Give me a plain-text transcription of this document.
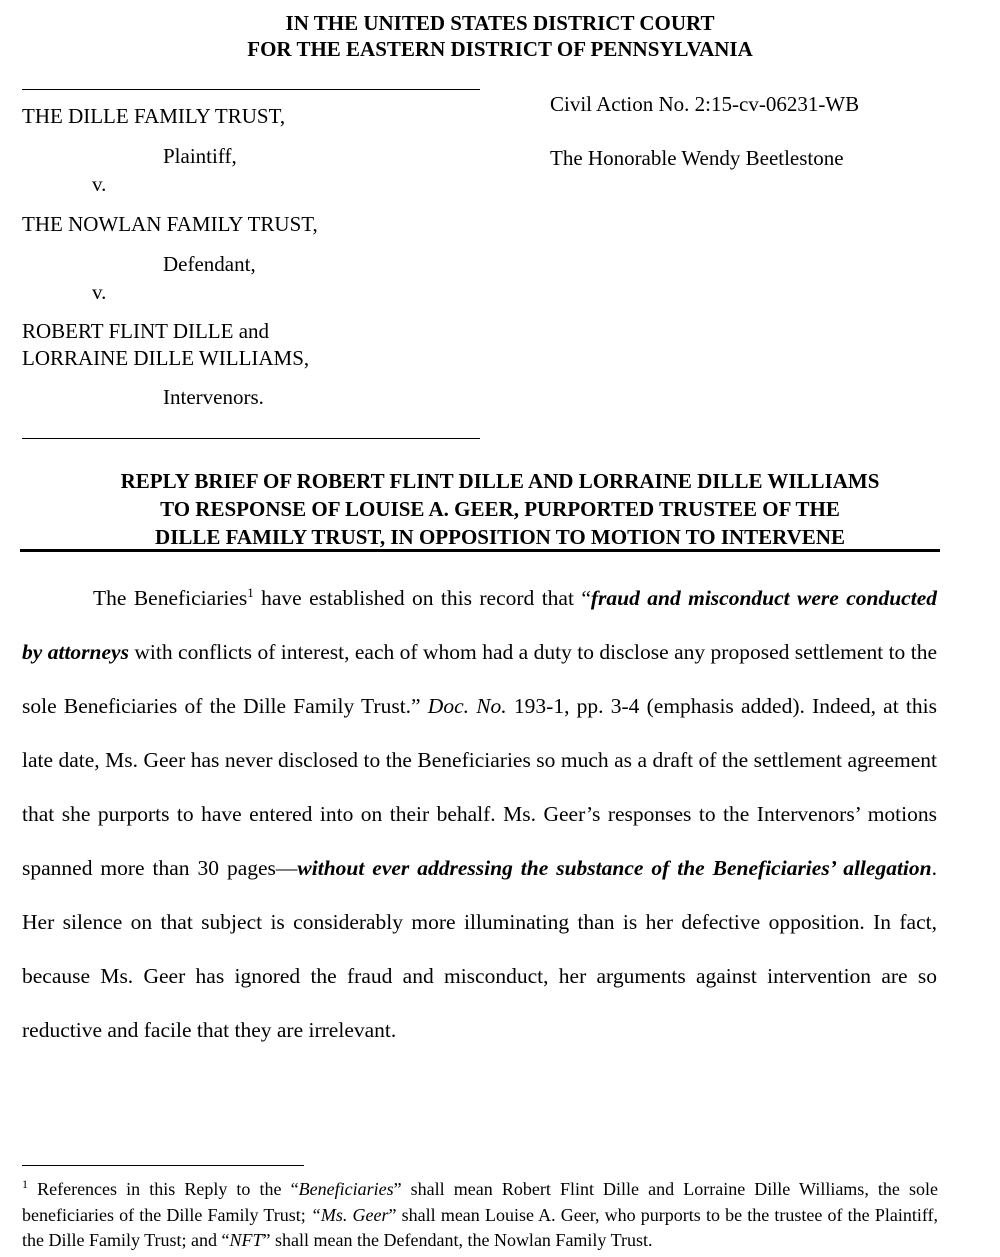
IN THE UNITED STATES DISTRICT COURT
FOR THE EASTERN DISTRICT OF PENNSYLVANIA
THE DILLE FAMILY TRUST,
Plaintiff,
v.
THE NOWLAN FAMILY TRUST,
Defendant,
v.
ROBERT FLINT DILLE and
LORRAINE DILLE WILLIAMS,
Intervenors.
Civil Action No. 2:15-cv-06231-WB
The Honorable Wendy Beetlestone
REPLY BRIEF OF ROBERT FLINT DILLE AND LORRAINE DILLE WILLIAMS
TO RESPONSE OF LOUISE A. GEER, PURPORTED TRUSTEE OF THE
DILLE FAMILY TRUST, IN OPPOSITION TO MOTION TO INTERVENE
The Beneficiaries$^1$ have established on this record that “fraud and misconduct were conducted by attorneys with conflicts of interest, each of whom had a duty to disclose any proposed settlement to the sole Beneficiaries of the Dille Family Trust.” Doc. No. 193-1, pp. 3-4 (emphasis added). Indeed, at this late date, Ms. Geer has never disclosed to the Beneficiaries so much as a draft of the settlement agreement that she purports to have entered into on their behalf. Ms. Geer’s responses to the Intervenors’ motions spanned more than 30 pages—without ever addressing the substance of the Beneficiaries’ allegation. Her silence on that subject is considerably more illuminating than is her defective opposition. In fact, because Ms. Geer has ignored the fraud and misconduct, her arguments against intervention are so reductive and facile that they are irrelevant.
$^1$ References in this Reply to the “Beneficiaries” shall mean Robert Flint Dille and Lorraine Dille Williams, the sole beneficiaries of the Dille Family Trust; “Ms. Geer” shall mean Louise A. Geer, who purports to be the trustee of the Plaintiff, the Dille Family Trust; and “NFT” shall mean the Defendant, the Nowlan Family Trust.
